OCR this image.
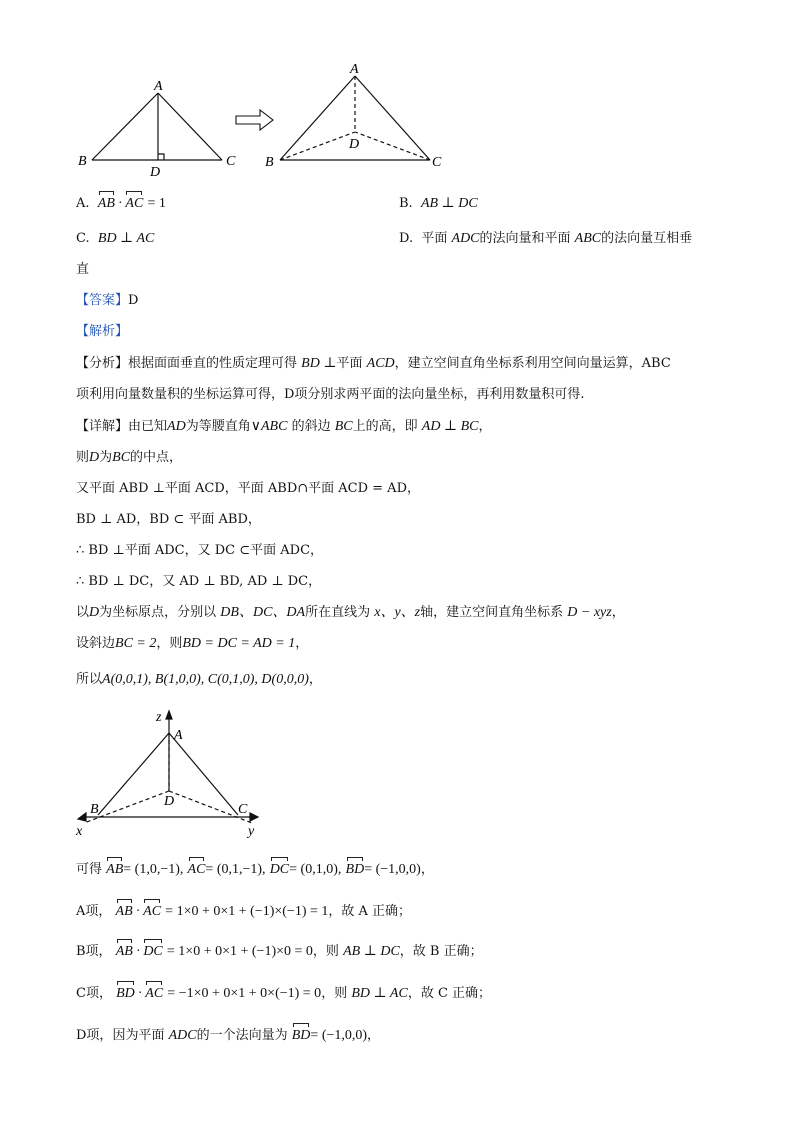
A
B	C
D
A
B	C
D
A. AB · AC = 1	B. AB ⊥ DC
C. BD ⊥ AC	D. 平面 ADC的法向量和平面 ABC的法向量互相垂
直
【答案】D
【解析】
【分析】根据面面垂直的性质定理可得 BD ⊥平面 ACD，建立空间直角坐标系利用空间向量运算，ABC
项利用向量数量积的坐标运算可得，D项分别求两平面的法向量坐标，再利用数量积可得.
【详解】由已知AD为等腰直角∨ABC 的斜边 BC上的高，即 AD ⊥ BC，
则D为BC的中点，
又平面 ABD ⊥平面 ACD，平面 ABD∩平面 ACD = AD，
BD ⊥ AD，BD ⊂ 平面 ABD，
∴ BD ⊥平面 ADC，又 DC ⊂平面 ADC，
∴ BD ⊥ DC，又 AD ⊥ BD, AD ⊥ DC，
以D为坐标原点，分别以 DB、DC、DA所在直线为 x、y、z轴，建立空间直角坐标系 D − xyz，
设斜边BC = 2，则BD = DC = AD = 1，
所以A(0,0,1), B(1,0,0), C(0,1,0), D(0,0,0)，
z
A
D
B	C
x	y
可得 AB= (1,0,−1), AC= (0,1,−1), DC= (0,1,0), BD= (−1,0,0)，
A项， AB · AC = 1×0 + 0×1 + (−1)×(−1) = 1，故 A 正确；
B项， AB · DC = 1×0 + 0×1 + (−1)×0 = 0，则 AB ⊥ DC，故 B 正确；
C项， BD · AC = −1×0 + 0×1 + 0×(−1) = 0，则 BD ⊥ AC，故 C 正确；
D项，因为平面 ADC的一个法向量为 BD= (−1,0,0)，
